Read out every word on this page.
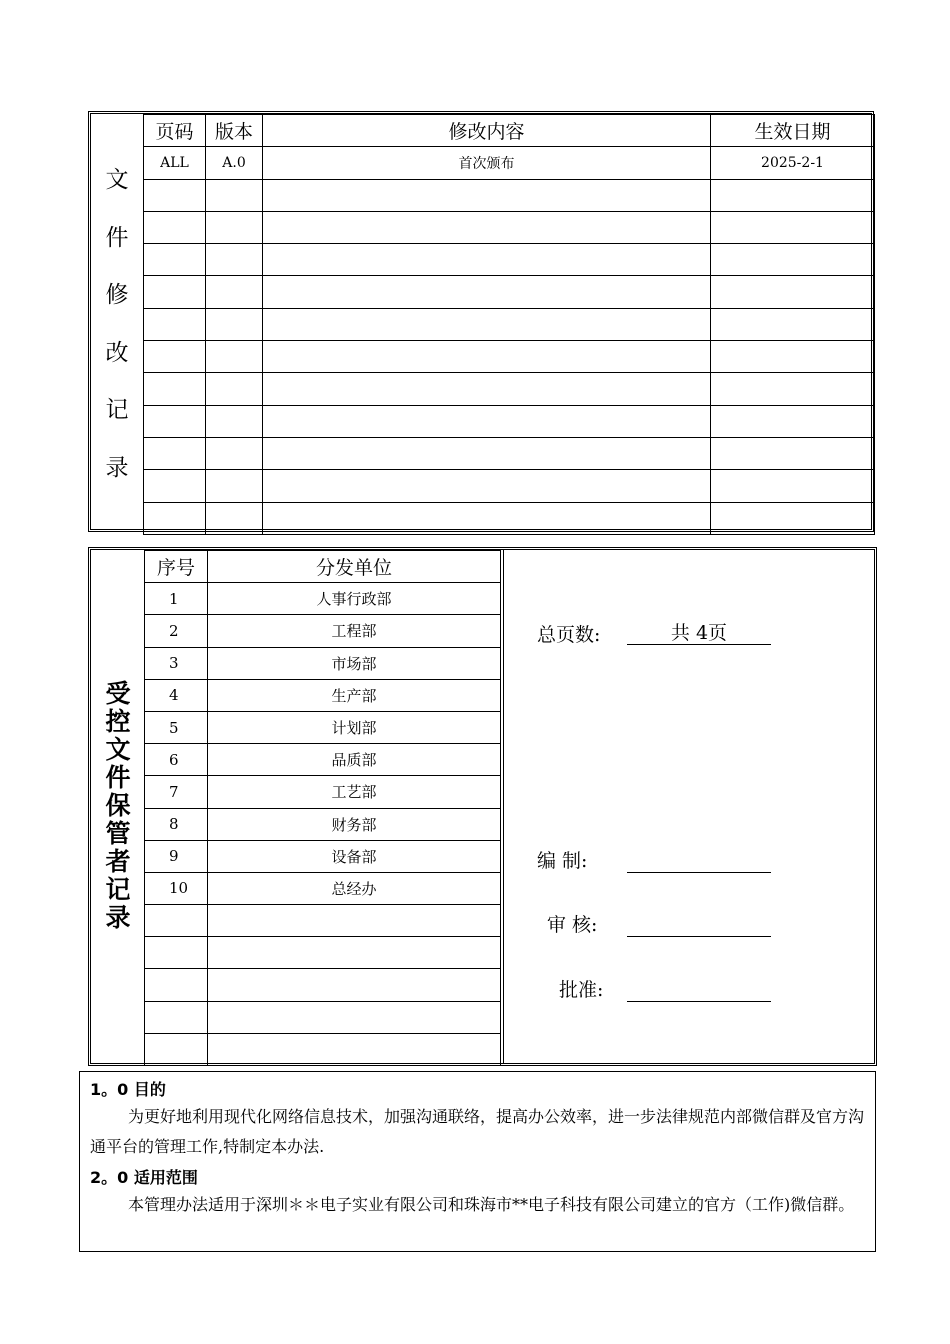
文
件
修
改
记
录
页码	版本	修改内容	生效日期
ALL	A.0	首次颁布	2025-2-1

受
控
文
件
保
管
者
记
录
序号	分发单位
1	人事行政部
2	工程部
3	市场部
4	生产部
5	计划部
6	品质部
7	工艺部
8	财务部
9	设备部
10	总经办

总页数:	共 4页
编 制:
审 核:
批准:
1。0 目的

为更好地利用现代化网络信息技术，加强沟通联络，提高办公效率，进一步法律规范内部微信群及官方沟通平台的管理工作,特制定本办法.

2。0 适用范围

本管理办法适用于深圳＊＊电子实业有限公司和珠海市**电子科技有限公司建立的官方（工作)微信群。
